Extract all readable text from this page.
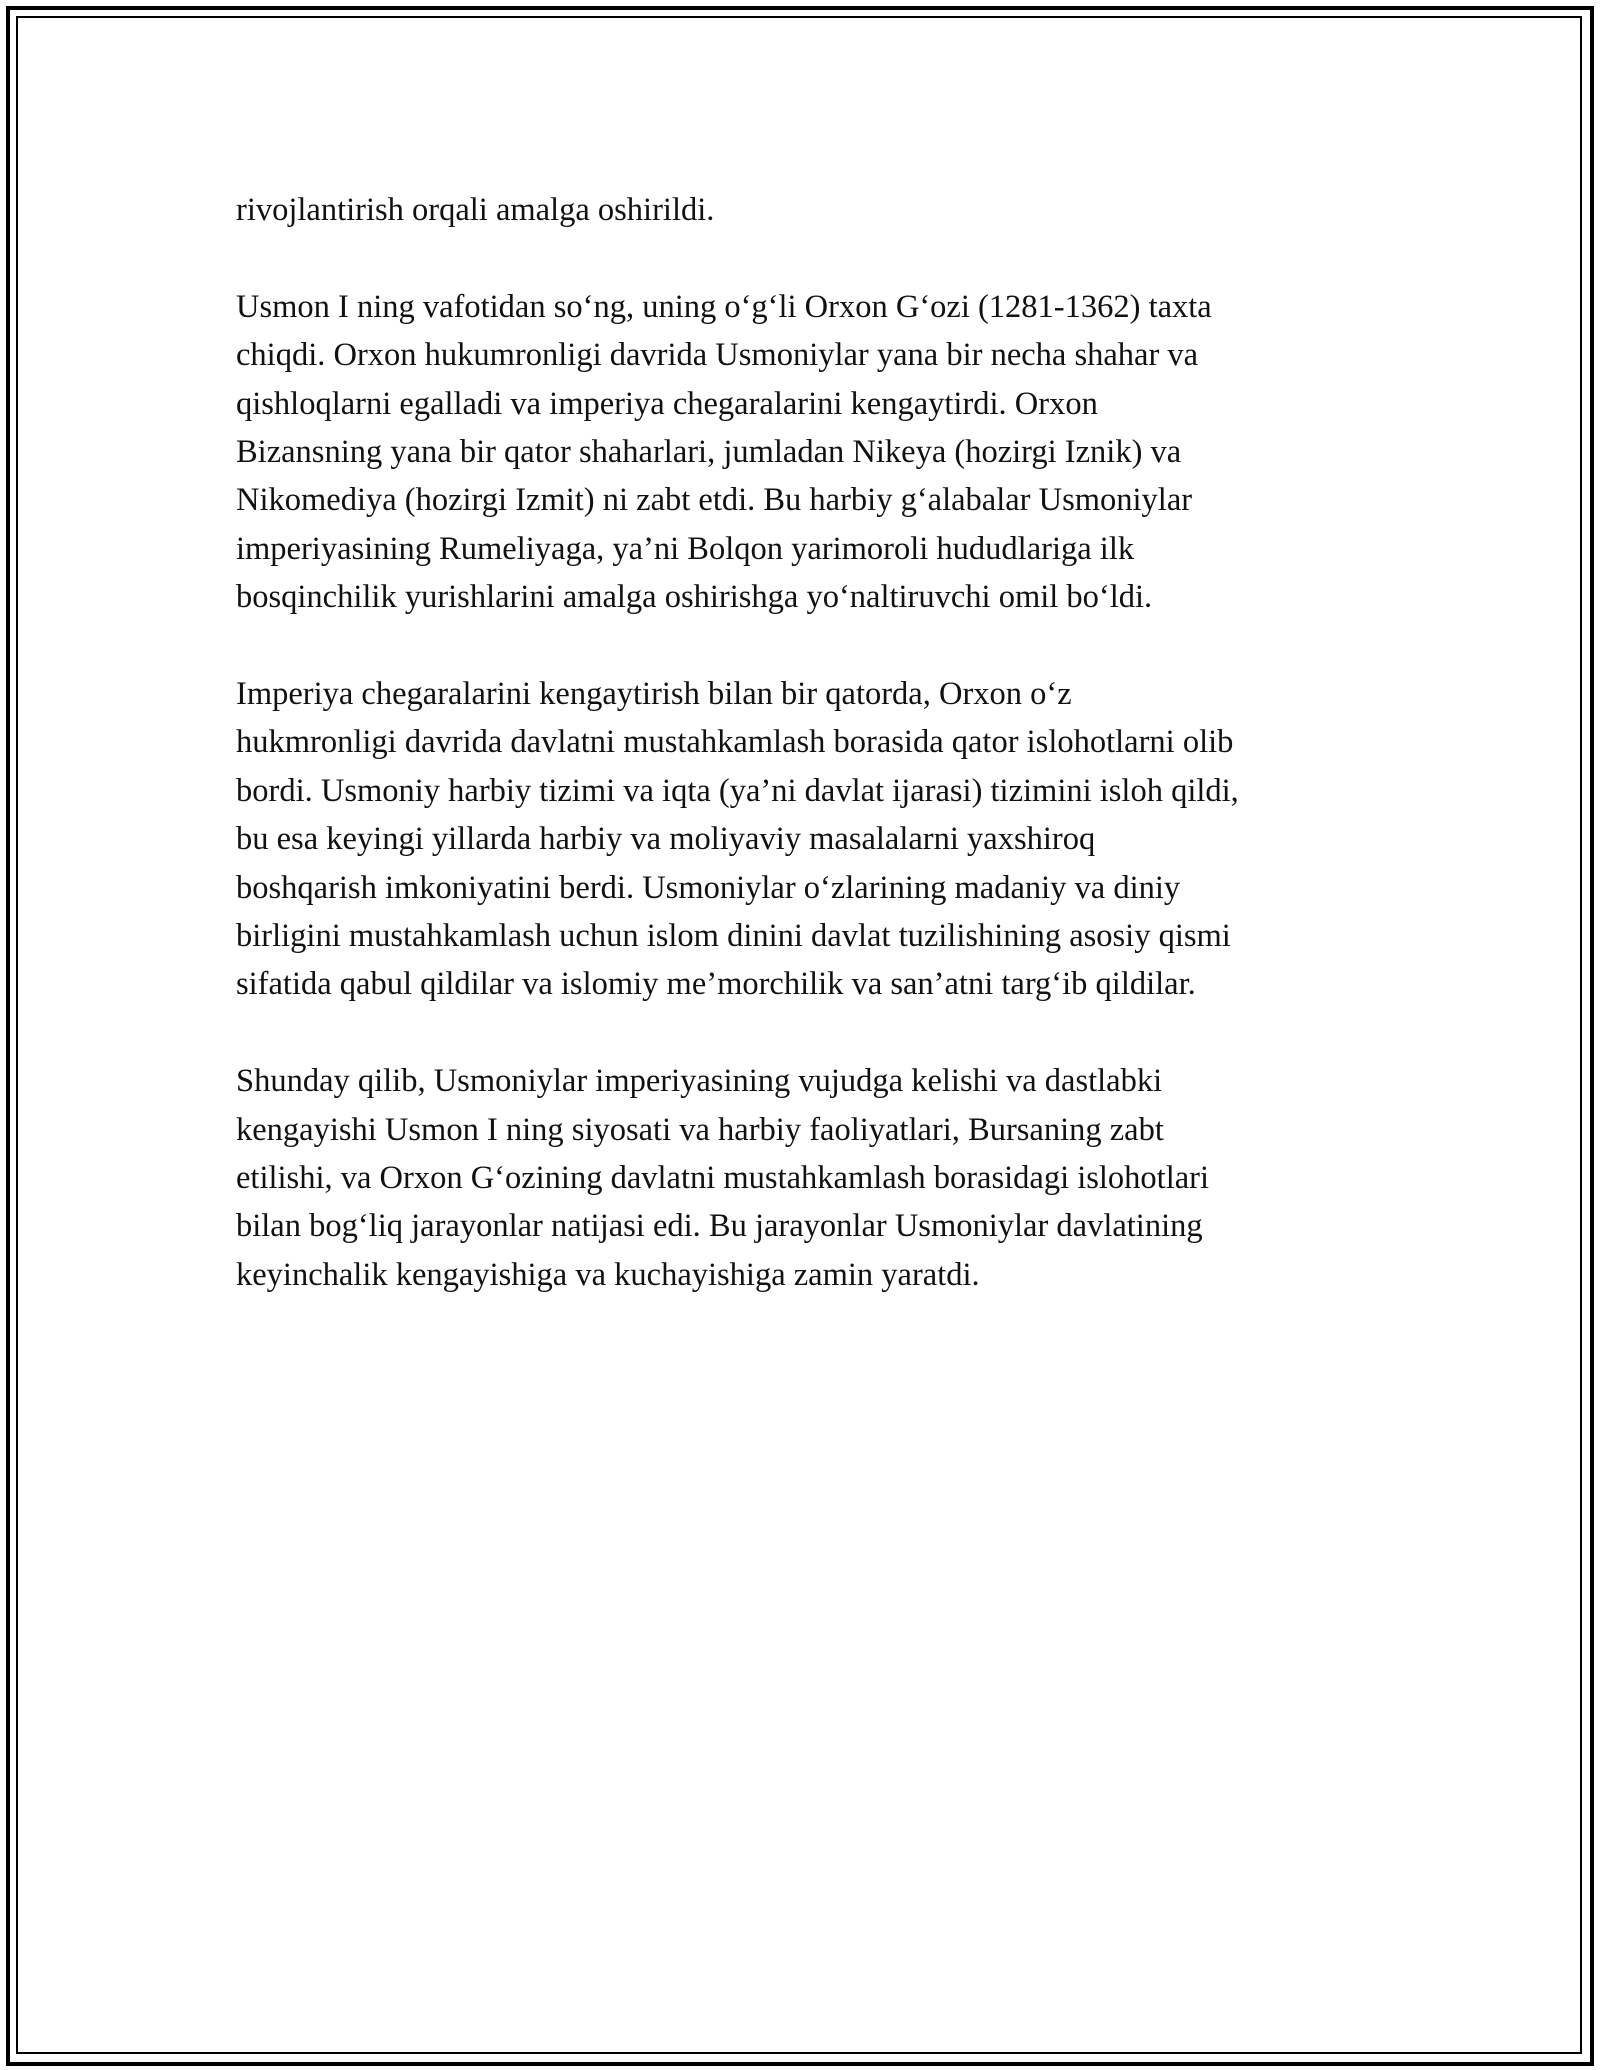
rivojlantirish orqali amalga oshirildi.

Usmon I ning vafotidan so‘ng, uning o‘g‘li Orxon G‘ozi (1281-1362) taxta
chiqdi. Orxon hukumronligi davrida Usmoniylar yana bir necha shahar va
qishloqlarni egalladi va imperiya chegaralarini kengaytirdi. Orxon
Bizansning yana bir qator shaharlari, jumladan Nikeya (hozirgi Iznik) va
Nikomediya (hozirgi Izmit) ni zabt etdi. Bu harbiy g‘alabalar Usmoniylar
imperiyasining Rumeliyaga, ya’ni Bolqon yarimoroli hududlariga ilk
bosqinchilik yurishlarini amalga oshirishga yo‘naltiruvchi omil bo‘ldi.

Imperiya chegaralarini kengaytirish bilan bir qatorda, Orxon o‘z
hukmronligi davrida davlatni mustahkamlash borasida qator islohotlarni olib
bordi. Usmoniy harbiy tizimi va iqta (ya’ni davlat ijarasi) tizimini isloh qildi,
bu esa keyingi yillarda harbiy va moliyaviy masalalarni yaxshiroq
boshqarish imkoniyatini berdi. Usmoniylar o‘zlarining madaniy va diniy
birligini mustahkamlash uchun islom dinini davlat tuzilishining asosiy qismi
sifatida qabul qildilar va islomiy me’morchilik va san’atni targ‘ib qildilar.

Shunday qilib, Usmoniylar imperiyasining vujudga kelishi va dastlabki
kengayishi Usmon I ning siyosati va harbiy faoliyatlari, Bursaning zabt
etilishi, va Orxon G‘ozining davlatni mustahkamlash borasidagi islohotlari
bilan bog‘liq jarayonlar natijasi edi. Bu jarayonlar Usmoniylar davlatining
keyinchalik kengayishiga va kuchayishiga zamin yaratdi.
